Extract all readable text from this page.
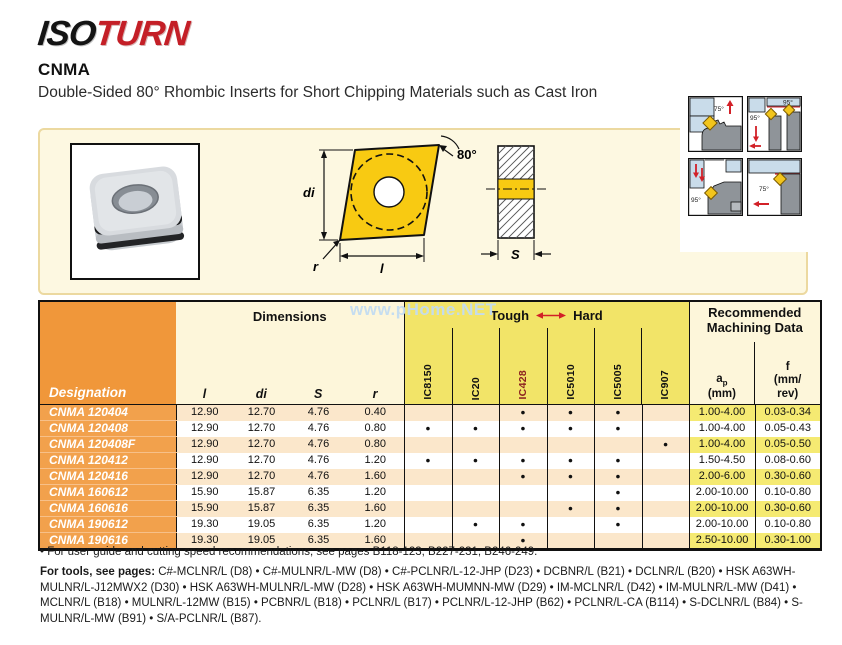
ISOTURN
CNMA
Double-Sided 80° Rhombic Inserts for Short Chipping Materials such as Cast Iron
80°
di
r	l
S
75°
95°
95°
95°
75°
www.pHome.NET
Designation

Dimensions
l	di	S	r

Tough	Hard
IC8150	IC20	IC428	IC5010	IC5005	IC907

Recommended Machining Data
$a_p$
(mm)
f
(mm/
rev)

CNMA 120404	12.90	12.70	4.76	0.40			●	●	●		1.00-4.00	0.03-0.34
CNMA 120408	12.90	12.70	4.76	0.80	●	●	●	●	●		1.00-4.00	0.05-0.43
CNMA 120408F	12.90	12.70	4.76	0.80						●	1.00-4.00	0.05-0.50
CNMA 120412	12.90	12.70	4.76	1.20	●	●	●	●	●		1.50-4.50	0.08-0.60
CNMA 120416	12.90	12.70	4.76	1.60			●	●	●		2.00-6.00	0.30-0.60
CNMA 160612	15.90	15.87	6.35	1.20					●		2.00-10.00	0.10-0.80
CNMA 160616	15.90	15.87	6.35	1.60				●	●		2.00-10.00	0.30-0.60
CNMA 190612	19.30	19.05	6.35	1.20		●	●		●		2.00-10.00	0.10-0.80
CNMA 190616	19.30	19.05	6.35	1.60			●				2.50-10.00	0.30-1.00
• For user guide and cutting speed recommendations, see pages B118-123, B227-231, B246-249.
For tools, see pages: C#-MCLNR/L (D8) • C#-MULNR/L-MW (D8) • C#-PCLNR/L-12-JHP (D23) • DCBNR/L (B21) • DCLNR/L (B20) • HSK A63WH-MULNR/L-J12MWX2 (D30) • HSK A63WH-MULNR/L-MW (D28) • HSK A63WH-MUMNN-MW (D29) • IM-MCLNR/L (D42) • IM-MULNR/L-MW (D41) • MCLNR/L (B18) • MULNR/L-12MW (B15) • PCBNR/L (B18) • PCLNR/L (B17) • PCLNR/L-12-JHP (B62) • PCLNR/L-CA (B114) • S-DCLNR/L (B84) • S-MULNR/L-MW (B91) • S/A-PCLNR/L (B87).
